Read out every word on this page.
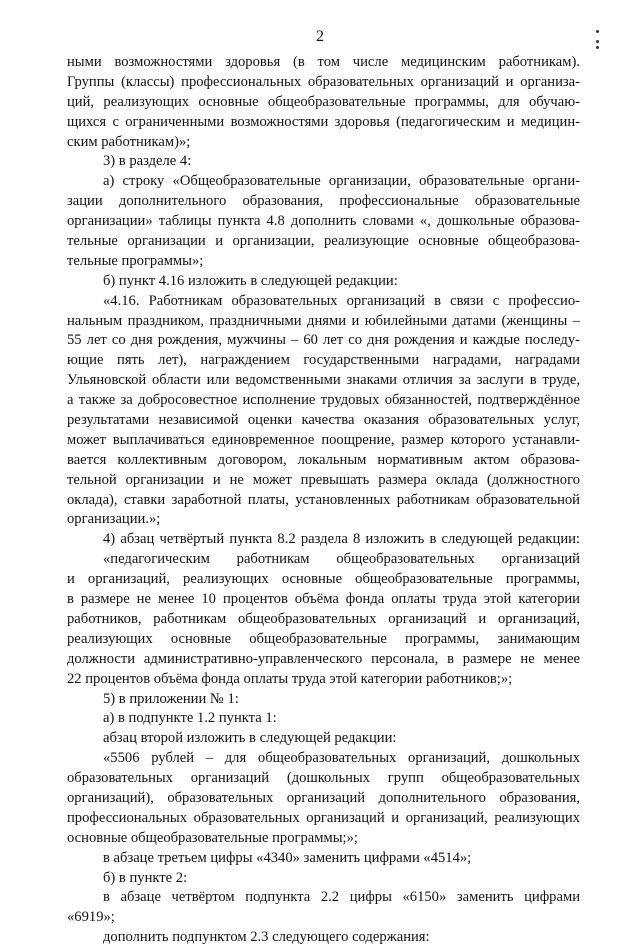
2
ными возможностями здоровья (в том числе медицинским работникам).
Группы (классы) профессиональных образовательных организаций и организа-
ций, реализующих основные общеобразовательные программы, для обучаю-
щихся с ограниченными возможностями здоровья (педагогическим и медицин-
ским работникам)»;
3) в разделе 4:
а) строку «Общеобразовательные организации, образовательные органи-
зации дополнительного образования, профессиональные образовательные
организации» таблицы пункта 4.8 дополнить словами «, дошкольные образова-
тельные организации и организации, реализующие основные общеобразова-
тельные программы»;
б) пункт 4.16 изложить в следующей редакции:
«4.16. Работникам образовательных организаций в связи с профессио-
нальным праздником, праздничными днями и юбилейными датами (женщины –
55 лет со дня рождения, мужчины – 60 лет со дня рождения и каждые последу-
ющие пять лет), награждением государственными наградами, наградами
Ульяновской области или ведомственными знаками отличия за заслуги в труде,
а также за добросовестное исполнение трудовых обязанностей, подтверждённое
результатами независимой оценки качества оказания образовательных услуг,
может выплачиваться единовременное поощрение, размер которого устанавли-
вается коллективным договором, локальным нормативным актом образова-
тельной организации и не может превышать размера оклада (должностного
оклада), ставки заработной платы, установленных работникам образовательной
организации.»;
4) абзац четвёртый пункта 8.2 раздела 8 изложить в следующей редакции:
«педагогическим работникам общеобразовательных организаций
и организаций, реализующих основные общеобразовательные программы,
в размере не менее 10 процентов объёма фонда оплаты труда этой категории
работников, работникам общеобразовательных организаций и организаций,
реализующих основные общеобразовательные программы, занимающим
должности административно-управленческого персонала, в размере не менее
22 процентов объёма фонда оплаты труда этой категории работников;»;
5) в приложении № 1:
а) в подпункте 1.2 пункта 1:
абзац второй изложить в следующей редакции:
«5506 рублей – для общеобразовательных организаций, дошкольных
образовательных организаций (дошкольных групп общеобразовательных
организаций), образовательных организаций дополнительного образования,
профессиональных образовательных организаций и организаций, реализующих
основные общеобразовательные программы;»;
в абзаце третьем цифры «4340» заменить цифрами «4514»;
б) в пункте 2:
в абзаце четвёртом подпункта 2.2 цифры «6150» заменить цифрами
«6919»;
дополнить подпунктом 2.3 следующего содержания:
